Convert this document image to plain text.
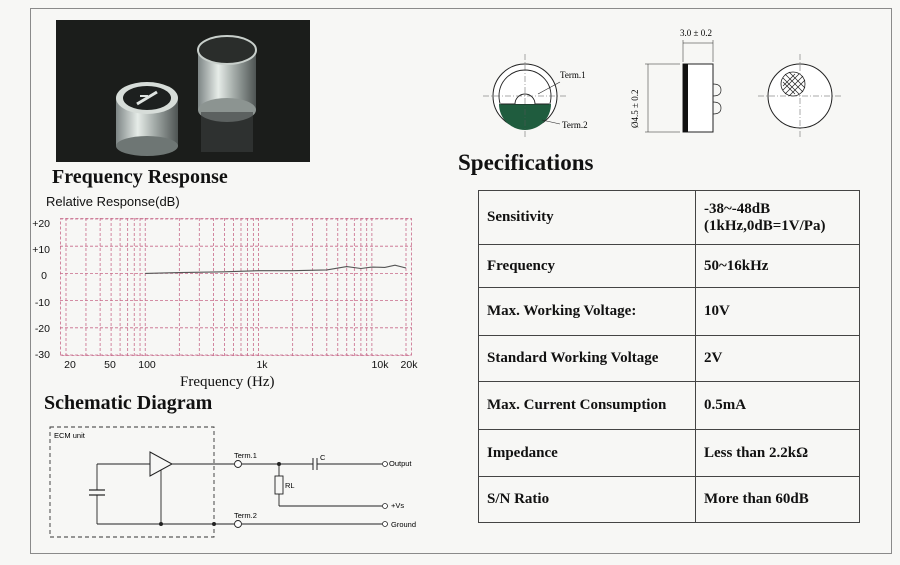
Frequency Response
Relative Response(dB)
+20
+10
0
-10
-20
-30
20	50	100	1k	10k	20k
Frequency (Hz)
Schematic Diagram
ECM unit
Term.1
Term.2
C
Output
RL
+Vs
Ground
Term.1
Term.2
3.0 ± 0.2
Ø4.5 ± 0.2
Specifications
Sensitivity	-38~-48dB
(1kHz,0dB=1V/Pa)

Frequency	50~16kHz
Max. Working Voltage:	10V
Standard Working Voltage	2V
Max. Current Consumption	0.5mA
Impedance	Less than 2.2kΩ
S/N Ratio	More than 60dB
